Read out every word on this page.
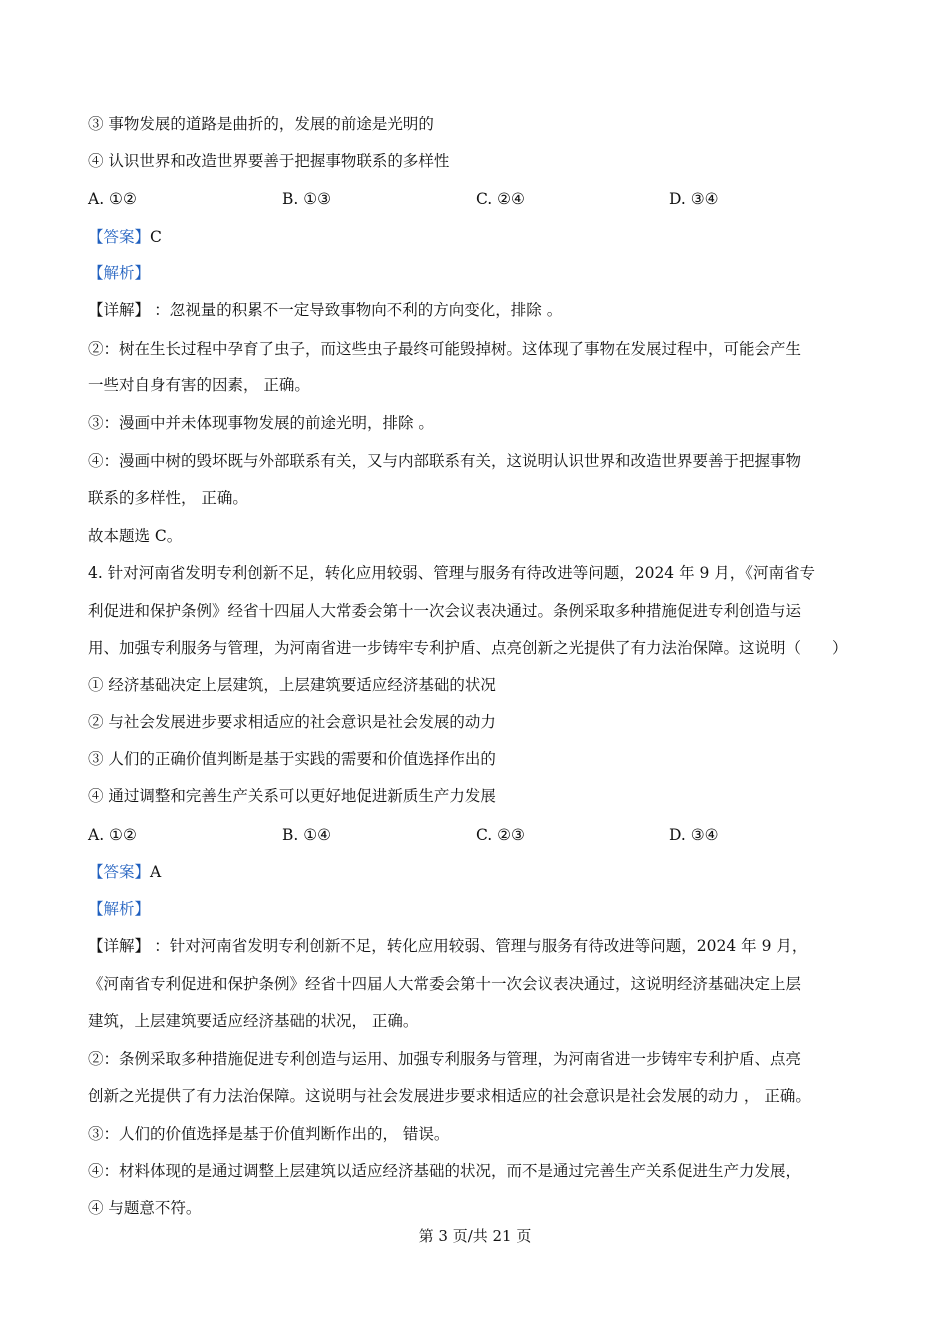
③ 事物发展的道路是曲折的，发展的前途是光明的
④ 认识世界和改造世界要善于把握事物联系的多样性
A. ①②	B. ①③	C. ②④	D. ③④
【答案】C
【解析】
【详解】 ：忽视量的积累不一定导致事物向不利的方向变化，排除 。
②：树在生长过程中孕育了虫子，而这些虫子最终可能毁掉树。这体现了事物在发展过程中，可能会产生
一些对自身有害的因素， 正确。
③：漫画中并未体现事物发展的前途光明，排除 。
④：漫画中树的毁坏既与外部联系有关，又与内部联系有关，这说明认识世界和改造世界要善于把握事物
联系的多样性， 正确。
故本题选 C。
4. 针对河南省发明专利创新不足，转化应用较弱、管理与服务有待改进等问题，2024 年 9 月，《河南省专
利促进和保护条例》经省十四届人大常委会第十一次会议表决通过。条例采取多种措施促进专利创造与运
用、加强专利服务与管理，为河南省进一步铸牢专利护盾、点亮创新之光提供了有力法治保障。这说明（　　）
① 经济基础决定上层建筑，上层建筑要适应经济基础的状况
② 与社会发展进步要求相适应的社会意识是社会发展的动力
③ 人们的正确价值判断是基于实践的需要和价值选择作出的
④ 通过调整和完善生产关系可以更好地促进新质生产力发展
A. ①②	B. ①④	C. ②③	D. ③④
【答案】A
【解析】
【详解】 ：针对河南省发明专利创新不足，转化应用较弱、管理与服务有待改进等问题，2024 年 9 月，
《河南省专利促进和保护条例》经省十四届人大常委会第十一次会议表决通过，这说明经济基础决定上层
建筑，上层建筑要适应经济基础的状况， 正确。
②：条例采取多种措施促进专利创造与运用、加强专利服务与管理，为河南省进一步铸牢专利护盾、点亮
创新之光提供了有力法治保障。这说明与社会发展进步要求相适应的社会意识是社会发展的动力 ， 正确。
③：人们的价值选择是基于价值判断作出的， 错误。
④：材料体现的是通过调整上层建筑以适应经济基础的状况，而不是通过完善生产关系促进生产力发展，
④ 与题意不符。
第 3 页/共 21 页
